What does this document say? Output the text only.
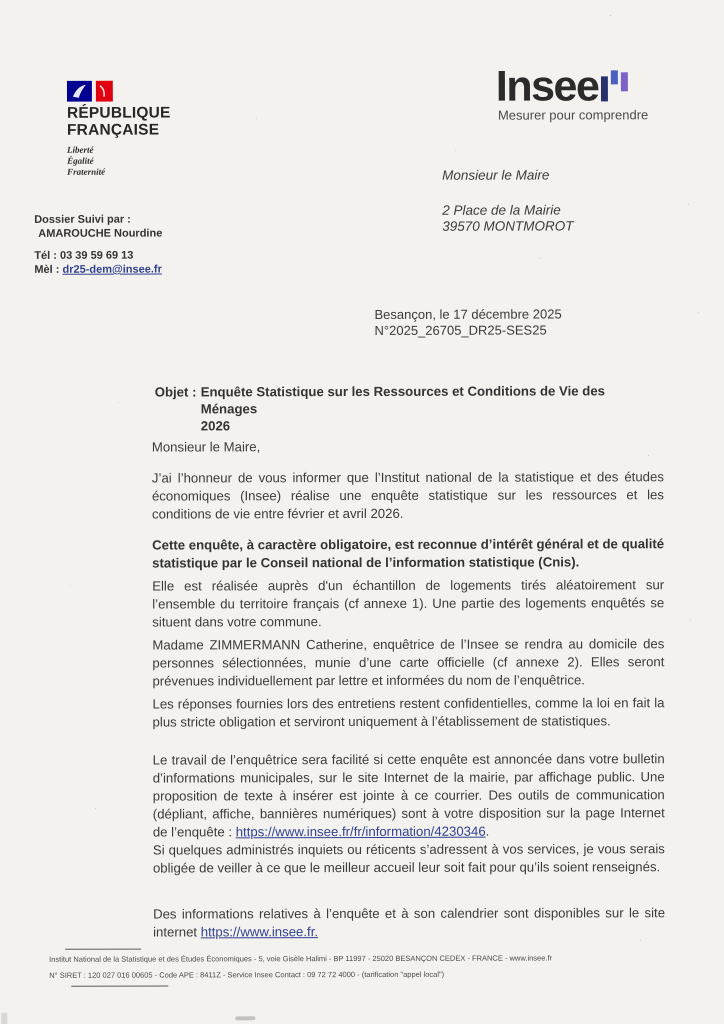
RÉPUBLIQUE
FRANÇAISE
Liberté
Égalité
Fraternité
Dossier Suivi par :
AMAROUCHE Nourdine
Tél : 03 39 59 69 13
Mèl : dr25-dem@insee.fr
Insee
Mesurer pour comprendre
Monsieur le Maire
2 Place de la Mairie
39570 MONTMOROT
Besançon, le 17 décembre 2025
N°2025_26705_DR25-SES25
Objet : Enquête Statistique sur les Ressources et Conditions de Vie des Ménages
2026

Monsieur le Maire,

J’ai l’honneur de vous informer que l’Institut national de la statistique et des études économiques (Insee) réalise une enquête statistique sur les ressources et les conditions de vie entre février et avril 2026.

Cette enquête, à caractère obligatoire, est reconnue d’intérêt général et de qualité statistique par le Conseil national de l’information statistique (Cnis).

Elle est réalisée auprès d'un échantillon de logements tirés aléatoirement sur l’ensemble du territoire français (cf annexe 1). Une partie des logements enquêtés se situent dans votre commune.

Madame ZIMMERMANN Catherine, enquêtrice de l’Insee se rendra au domicile des personnes sélectionnées, munie d’une carte officielle (cf annexe 2). Elles seront prévenues individuellement par lettre et informées du nom de l’enquêtrice.

Les réponses fournies lors des entretiens restent confidentielles, comme la loi en fait la plus stricte obligation et serviront uniquement à l’établissement de statistiques.

Le travail de l’enquêtrice sera facilité si cette enquête est annoncée dans votre bulletin d’informations municipales, sur le site Internet de la mairie, par affichage public. Une proposition de texte à insérer est jointe à ce courrier. Des outils de communication (dépliant, affiche, bannières numériques) sont à votre disposition sur la page Internet de l’enquête : https://www.insee.fr/fr/information/4230346.

Si quelques administrés inquiets ou réticents s’adressent à vos services, je vous serais obligée de veiller à ce que le meilleur accueil leur soit fait pour qu’ils soient renseignés.

Des informations relatives à l’enquête et à son calendrier sont disponibles sur le site internet https://www.insee.fr.

Institut National de la Statistique et des Études Économiques - 5, voie Gisèle Halimi - BP 11997 - 25020 BESANÇON CEDEX - FRANCE - www.insee.fr
N° SIRET : 120 027 016 00605 - Code APE : 8411Z - Service Insee Contact : 09 72 72 4000 - (tarification "appel local")
